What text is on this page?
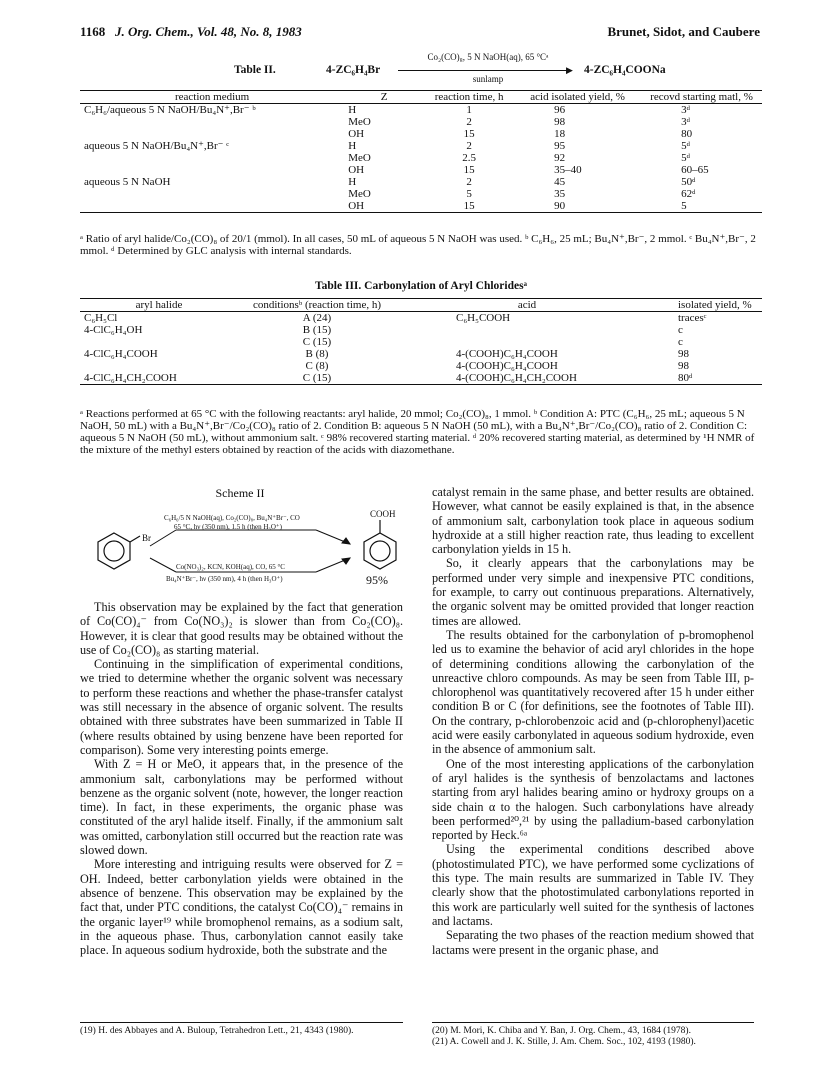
1168 J. Org. Chem., Vol. 48, No. 8, 1983	Brunet, Sidot, and Caubere
Table II.	4-ZC₆H₄Br
Co₂(CO)₈, 5 N NaOH(aq), 65 °Cᵃ
▶
sunlamp
4-ZC₆H₄COONa
reaction medium	Z	reaction time, h	acid isolated yield, %	recovd starting matl, %
C₆H₆/aqueous 5 N NaOH/Bu₄N⁺,Br⁻ ᵇ	H	1	96	3ᵈ
	MeO	2	98	3ᵈ
	OH	15	18	80
aqueous 5 N NaOH/Bu₄N⁺,Br⁻ ᶜ	H	2	95	5ᵈ
	MeO	2.5	92	5ᵈ
	OH	15	35–40	60–65
aqueous 5 N NaOH	H	2	45	50ᵈ
	MeO	5	35	62ᵈ
	OH	15	90	5
ᵃ Ratio of aryl halide/Co₂(CO)₈ of 20/1 (mmol). In all cases, 50 mL of aqueous 5 N NaOH was used. ᵇ C₆H₆, 25 mL; Bu₄N⁺,Br⁻, 2 mmol. ᶜ Bu₄N⁺,Br⁻, 2 mmol. ᵈ Determined by GLC analysis with internal standards.
Table III. Carbonylation of Aryl Chloridesᵃ
aryl halide	conditionsᵇ (reaction time, h)	acid	isolated yield, %
C₆H₅Cl	A (24)	C₆H₅COOH	tracesᶜ
4-ClC₆H₄OH	B (15)		c
	C (15)		c
4-ClC₆H₄COOH	B (8)	4-(COOH)C₆H₄COOH	98
	C (8)	4-(COOH)C₆H₄COOH	98
4-ClC₆H₄CH₂COOH	C (15)	4-(COOH)C₆H₄CH₂COOH	80ᵈ
ᵃ Reactions performed at 65 °C with the following reactants: aryl halide, 20 mmol; Co₂(CO)₈, 1 mmol. ᵇ Condition A: PTC (C₆H₆, 25 mL; aqueous 5 N NaOH, 50 mL) with a Bu₄N⁺,Br⁻/Co₂(CO)₈ ratio of 2. Condition B: aqueous 5 N NaOH (50 mL), with a Bu₄N⁺,Br⁻/Co₂(CO)₈ ratio of 2. Condition C: aqueous 5 N NaOH (50 mL), without ammonium salt. ᶜ 98% recovered starting material. ᵈ 20% recovered starting material, as determined by ¹H NMR of the mixture of the methyl esters obtained by reaction of the acids with diazomethane.
Scheme II
C₆H₆/5 N NaOH(aq), Co₂(CO)₈, Bu₄N⁺Br⁻, CO
65 °C, hν (350 nm), 1.5 h (then H₃O⁺)
Co(NO₃)₂, KCN, KOH(aq), CO, 65 °C
Bu₄N⁺Br⁻, hν (350 nm), 4 h (then H₃O⁺)
Br
COOH
95%

This observation may be explained by the fact that generation of Co(CO)₄⁻ from Co(NO₃)₂ is slower than from Co₂(CO)₈. However, it is clear that good results may be obtained without the use of Co₂(CO)₈ as starting material.

Continuing in the simplification of experimental conditions, we tried to determine whether the organic solvent was necessary to perform these reactions and whether the phase-transfer catalyst was still necessary in the absence of organic solvent. The results obtained with three substrates have been summarized in Table II (where results obtained by using benzene have been reported for comparison). Some very interesting points emerge.

With Z = H or MeO, it appears that, in the presence of the ammonium salt, carbonylations may be performed without benzene as the organic solvent (note, however, the longer reaction time). In fact, in these experiments, the organic phase was constituted of the aryl halide itself. Finally, if the ammonium salt was omitted, carbonylation still occurred but the reaction rate was slowed down.

More interesting and intriguing results were observed for Z = OH. Indeed, better carbonylation yields were obtained in the absence of benzene. This observation may be explained by the fact that, under PTC conditions, the catalyst Co(CO)₄⁻ remains in the organic layer¹⁹ while bromophenol remains, as a sodium salt, in the aqueous phase. Thus, carbonylation cannot easily take place. In aqueous sodium hydroxide, both the substrate and the

catalyst remain in the same phase, and better results are obtained. However, what cannot be easily explained is that, in the absence of ammonium salt, carbonylation took place in aqueous sodium hydroxide at a still higher reaction rate, thus leading to excellent carbonylation yields in 15 h.

So, it clearly appears that the carbonylations may be performed under very simple and inexpensive PTC conditions, for example, to carry out continuous preparations. Alternatively, the organic solvent may be omitted provided that longer reaction times are allowed.

The results obtained for the carbonylation of p-bromophenol led us to examine the behavior of acid aryl chlorides in the hope of determining conditions allowing the carbonylation of the unreactive chloro compounds. As may be seen from Table III, p-chlorophenol was quantitatively recovered after 15 h under either condition B or C (for definitions, see the footnotes of Table III). On the contrary, p-chlorobenzoic acid and (p-chlorophenyl)acetic acid were easily carbonylated in aqueous sodium hydroxide, even in the absence of ammonium salt.

One of the most interesting applications of the carbonylation of aryl halides is the synthesis of benzolactams and lactones starting from aryl halides bearing amino or hydroxy groups on a side chain α to the halogen. Such carbonylations have already been performed²⁰,²¹ by using the palladium-based carbonylation reported by Heck.⁶ᵃ

Using the experimental conditions described above (photostimulated PTC), we have performed some cyclizations of this type. The main results are summarized in Table IV. They clearly show that the photostimulated carbonylations reported in this work are particularly well suited for the synthesis of lactones and lactams.

Separating the two phases of the reaction medium showed that lactams were present in the organic phase, and

(19) H. des Abbayes and A. Buloup, Tetrahedron Lett., 21, 4343 (1980).	(20) M. Mori, K. Chiba and Y. Ban, J. Org. Chem., 43, 1684 (1978).
(21) A. Cowell and J. K. Stille, J. Am. Chem. Soc., 102, 4193 (1980).
